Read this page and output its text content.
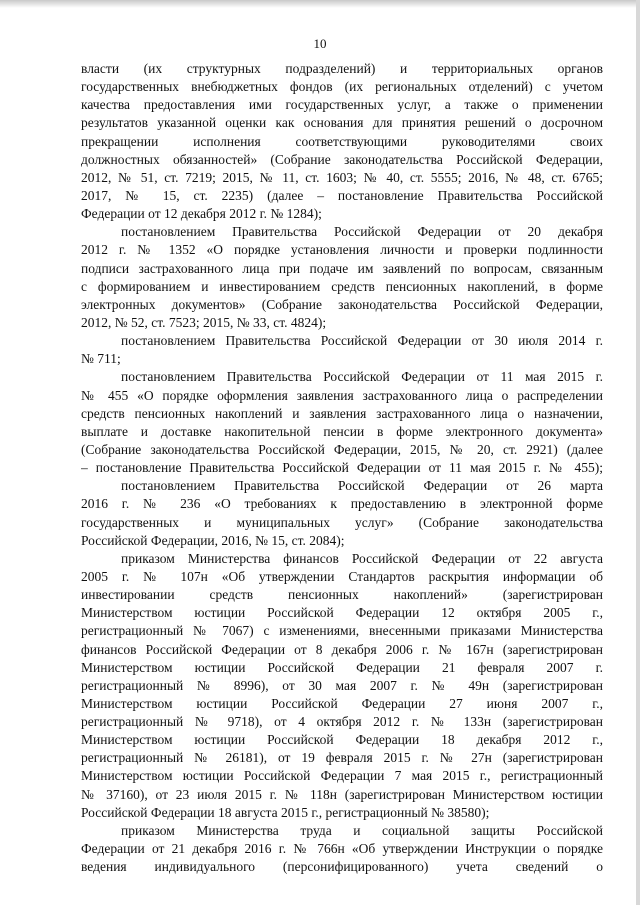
10
власти (их структурных подразделений) и территориальных органов
государственных внебюджетных фондов (их региональных отделений) с учетом
качества предоставления ими государственных услуг, а также о применении
результатов указанной оценки как основания для принятия решений о досрочном
прекращении исполнения соответствующими руководителями своих
должностных обязанностей» (Собрание законодательства Российской Федерации,
2012, № 51, ст. 7219; 2015, № 11, ст. 1603; № 40, ст. 5555; 2016, № 48, ст. 6765;
2017, № 15, ст. 2235) (далее – постановление Правительства Российской
Федерации от 12 декабря 2012 г. № 1284);
постановлением Правительства Российской Федерации от 20 декабря
2012 г. № 1352 «О порядке установления личности и проверки подлинности
подписи застрахованного лица при подаче им заявлений по вопросам, связанным
с формированием и инвестированием средств пенсионных накоплений, в форме
электронных документов» (Собрание законодательства Российской Федерации,
2012, № 52, ст. 7523; 2015, № 33, ст. 4824);
постановлением Правительства Российской Федерации от 30 июля 2014 г.
№ 711;
постановлением Правительства Российской Федерации от 11 мая 2015 г.
№ 455 «О порядке оформления заявления застрахованного лица о распределении
средств пенсионных накоплений и заявления застрахованного лица о назначении,
выплате и доставке накопительной пенсии в форме электронного документа»
(Собрание законодательства Российской Федерации, 2015, № 20, ст. 2921) (далее
– постановление Правительства Российской Федерации от 11 мая 2015 г. № 455);
постановлением Правительства Российской Федерации от 26 марта
2016 г. № 236 «О требованиях к предоставлению в электронной форме
государственных и муниципальных услуг» (Собрание законодательства
Российской Федерации, 2016, № 15, ст. 2084);
приказом Министерства финансов Российской Федерации от 22 августа
2005 г. № 107н «Об утверждении Стандартов раскрытия информации об
инвестировании средств пенсионных накоплений» (зарегистрирован
Министерством юстиции Российской Федерации 12 октября 2005 г.,
регистрационный № 7067) с изменениями, внесенными приказами Министерства
финансов Российской Федерации от 8 декабря 2006 г. № 167н (зарегистрирован
Министерством юстиции Российской Федерации 21 февраля 2007 г.
регистрационный № 8996), от 30 мая 2007 г. № 49н (зарегистрирован
Министерством юстиции Российской Федерации 27 июня 2007 г.,
регистрационный № 9718), от 4 октября 2012 г. № 133н (зарегистрирован
Министерством юстиции Российской Федерации 18 декабря 2012 г.,
регистрационный № 26181), от 19 февраля 2015 г. № 27н (зарегистрирован
Министерством юстиции Российской Федерации 7 мая 2015 г., регистрационный
№ 37160), от 23 июля 2015 г. № 118н (зарегистрирован Министерством юстиции
Российской Федерации 18 августа 2015 г., регистрационный № 38580);
приказом Министерства труда и социальной защиты Российской
Федерации от 21 декабря 2016 г. № 766н «Об утверждении Инструкции о порядке
ведения индивидуального (персонифицированного) учета сведений о
